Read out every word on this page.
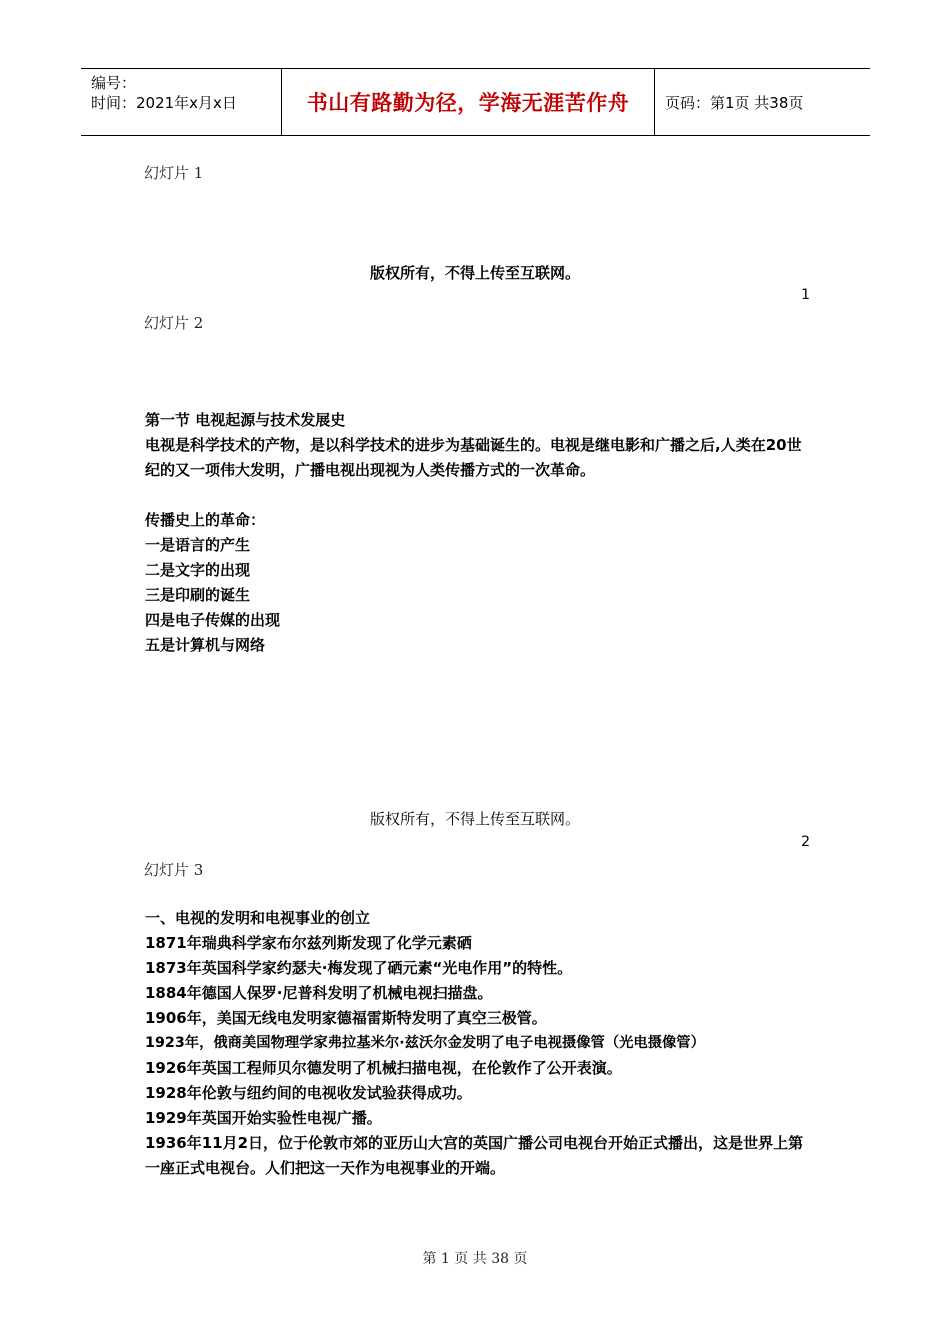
编号：
时间：2021年x月x日	书山有路勤为径，学海无涯苦作舟 页码：第1页 共38页
幻灯片 1
版权所有，不得上传至互联网。
1
幻灯片 2
第一节 电视起源与技术发展史
电视是科学技术的产物，是以科学技术的进步为基础诞生的。电视是继电影和广播之后,人类在20世纪的又一项伟大发明，广播电视出现视为人类传播方式的一次革命。
传播史上的革命：
一是语言的产生
二是文字的出现
三是印刷的诞生
四是电子传媒的出现
五是计算机与网络
版权所有，不得上传至互联网。
2
幻灯片 3
一、电视的发明和电视事业的创立
1871年瑞典科学家布尔兹列斯发现了化学元素硒
1873年英国科学家约瑟夫·梅发现了硒元素“光电作用”的特性。
1884年德国人保罗·尼普科发明了机械电视扫描盘。
1906年，美国无线电发明家德福雷斯特发明了真空三极管。
1923年，俄商美国物理学家弗拉基米尔·兹沃尔金发明了电子电视摄像管（光电摄像管）
1926年英国工程师贝尔德发明了机械扫描电视，在伦敦作了公开表演。
1928年伦敦与纽约间的电视收发试验获得成功。
1929年英国开始实验性电视广播。
1936年11月2日，位于伦敦市郊的亚历山大宫的英国广播公司电视台开始正式播出，这是世界上第一座正式电视台。人们把这一天作为电视事业的开端。
第 1 页 共 38 页
